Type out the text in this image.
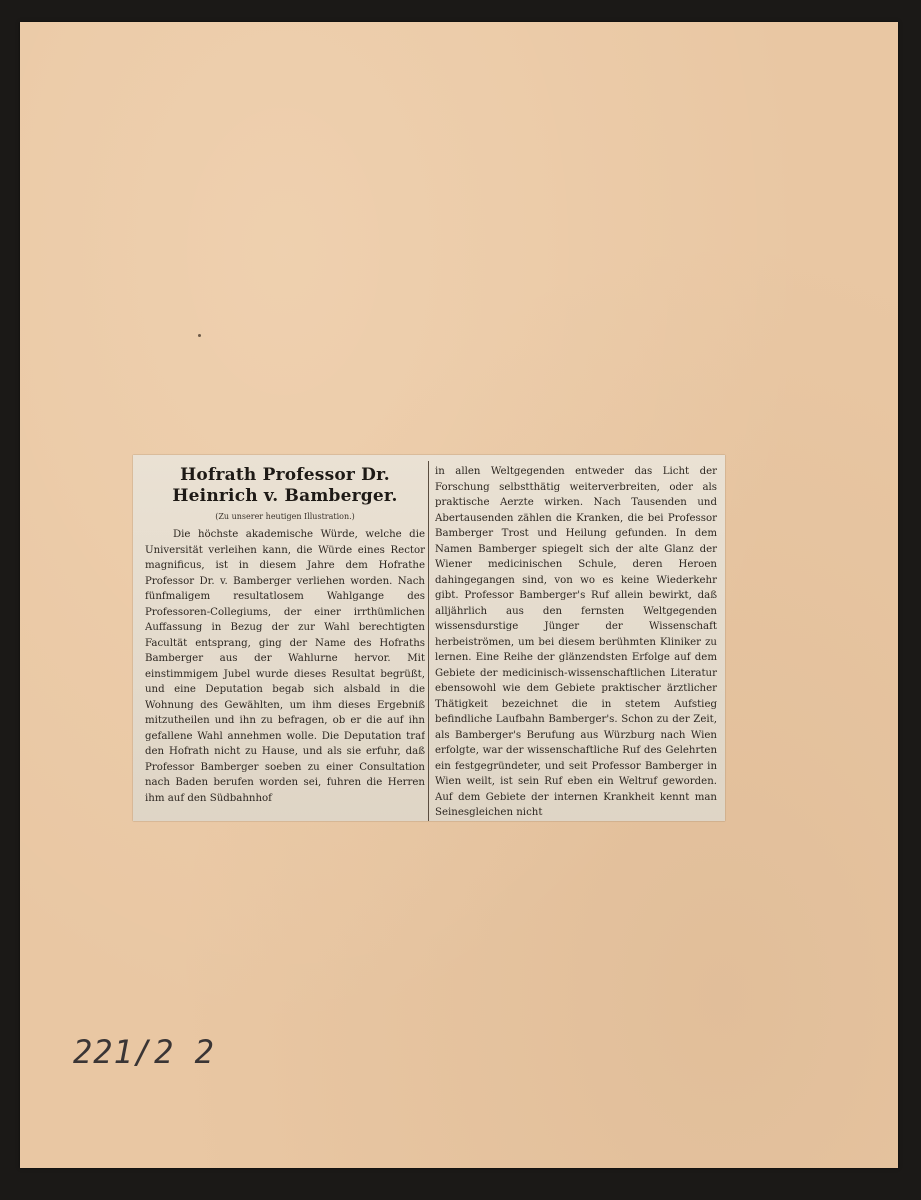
Hofrath Professor Dr. Heinrich v. Bamberger.

(Zu unserer heutigen Illustration.)

Die höchste akademische Würde, welche die Universität verleihen kann, die Würde eines Rector magnificus, ist in diesem Jahre dem Hofrathe Professor Dr. v. Bamberger verliehen worden. Nach fünfmaligem resultatlosem Wahlgange des Professoren-Collegiums, der einer irrthümlichen Auffassung in Bezug der zur Wahl berechtigten Facultät entsprang, ging der Name des Hofraths Bamberger aus der Wahlurne hervor. Mit einstimmigem Jubel wurde dieses Resultat begrüßt, und eine Deputation begab sich alsbald in die Wohnung des Gewählten, um ihm dieses Ergebniß mitzutheilen und ihn zu befragen, ob er die auf ihn gefallene Wahl annehmen wolle. Die Deputation traf den Hofrath nicht zu Hause, und als sie erfuhr, daß Professor Bamberger soeben zu einer Consultation nach Baden berufen worden sei, fuhren die Herren ihm auf den Südbahnhof

in allen Weltgegenden entweder das Licht der Forschung selbstthätig weiterverbreiten, oder als praktische Aerzte wirken. Nach Tausenden und Abertausenden zählen die Kranken, die bei Professor Bamberger Trost und Heilung gefunden. In dem Namen Bamberger spiegelt sich der alte Glanz der Wiener medicinischen Schule, deren Heroen dahingegangen sind, von wo es keine Wiederkehr gibt. Professor Bamberger's Ruf allein bewirkt, daß alljährlich aus den fernsten Weltgegenden wissensdurstige Jünger der Wissenschaft herbeiströmen, um bei diesem berühmten Kliniker zu lernen. Eine Reihe der glänzendsten Erfolge auf dem Gebiete der medicinisch-wissenschaftlichen Literatur ebensowohl wie dem Gebiete praktischer ärztlicher Thätigkeit bezeichnet die in stetem Aufstieg befindliche Laufbahn Bamberger's. Schon zu der Zeit, als Bamberger's Berufung aus Würzburg nach Wien erfolgte, war der wissenschaftliche Ruf des Gelehrten ein festgegründeter, und seit Professor Bamberger in Wien weilt, ist sein Ruf eben ein Weltruf geworden. Auf dem Gebiete der internen Krankheit kennt man Seinesgleichen nicht

221/2 2
